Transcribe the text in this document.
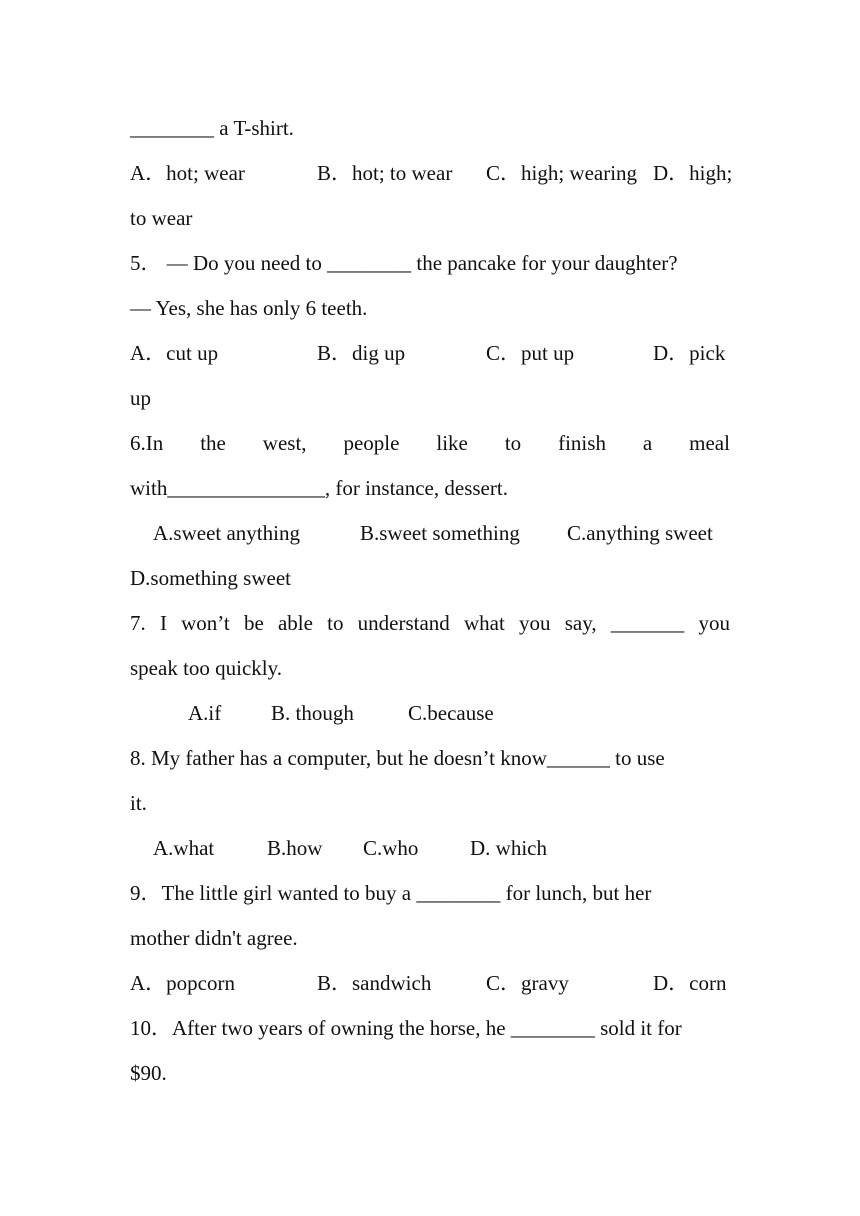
________ a T-shirt.
A．hot; wear	B．hot; to wear C．high; wearing D．high;
to wear
5． — Do you need to ________ the pancake for your daughter?
— Yes, she has only 6 teeth.
A．cut up	B．dig up	C．put up	D．pick
up
6.In the west, people like to finish a meal
with_______________, for instance, dessert.
A.sweet anything	B.sweet something C.anything sweet
D.something sweet
7. I won’t be able to understand what you say, _______ you
speak too quickly.
A.if B. though	C.because
8. My father has a computer, but he doesn’t know______ to use
it.
A.what	B.how C.who D. which
9．The little girl wanted to buy a ________ for lunch, but her
mother didn't agree.
A．popcorn	B．sandwich	C．gravy	D．corn
10．After two years of owning the horse, he ________ sold it for
$90.
